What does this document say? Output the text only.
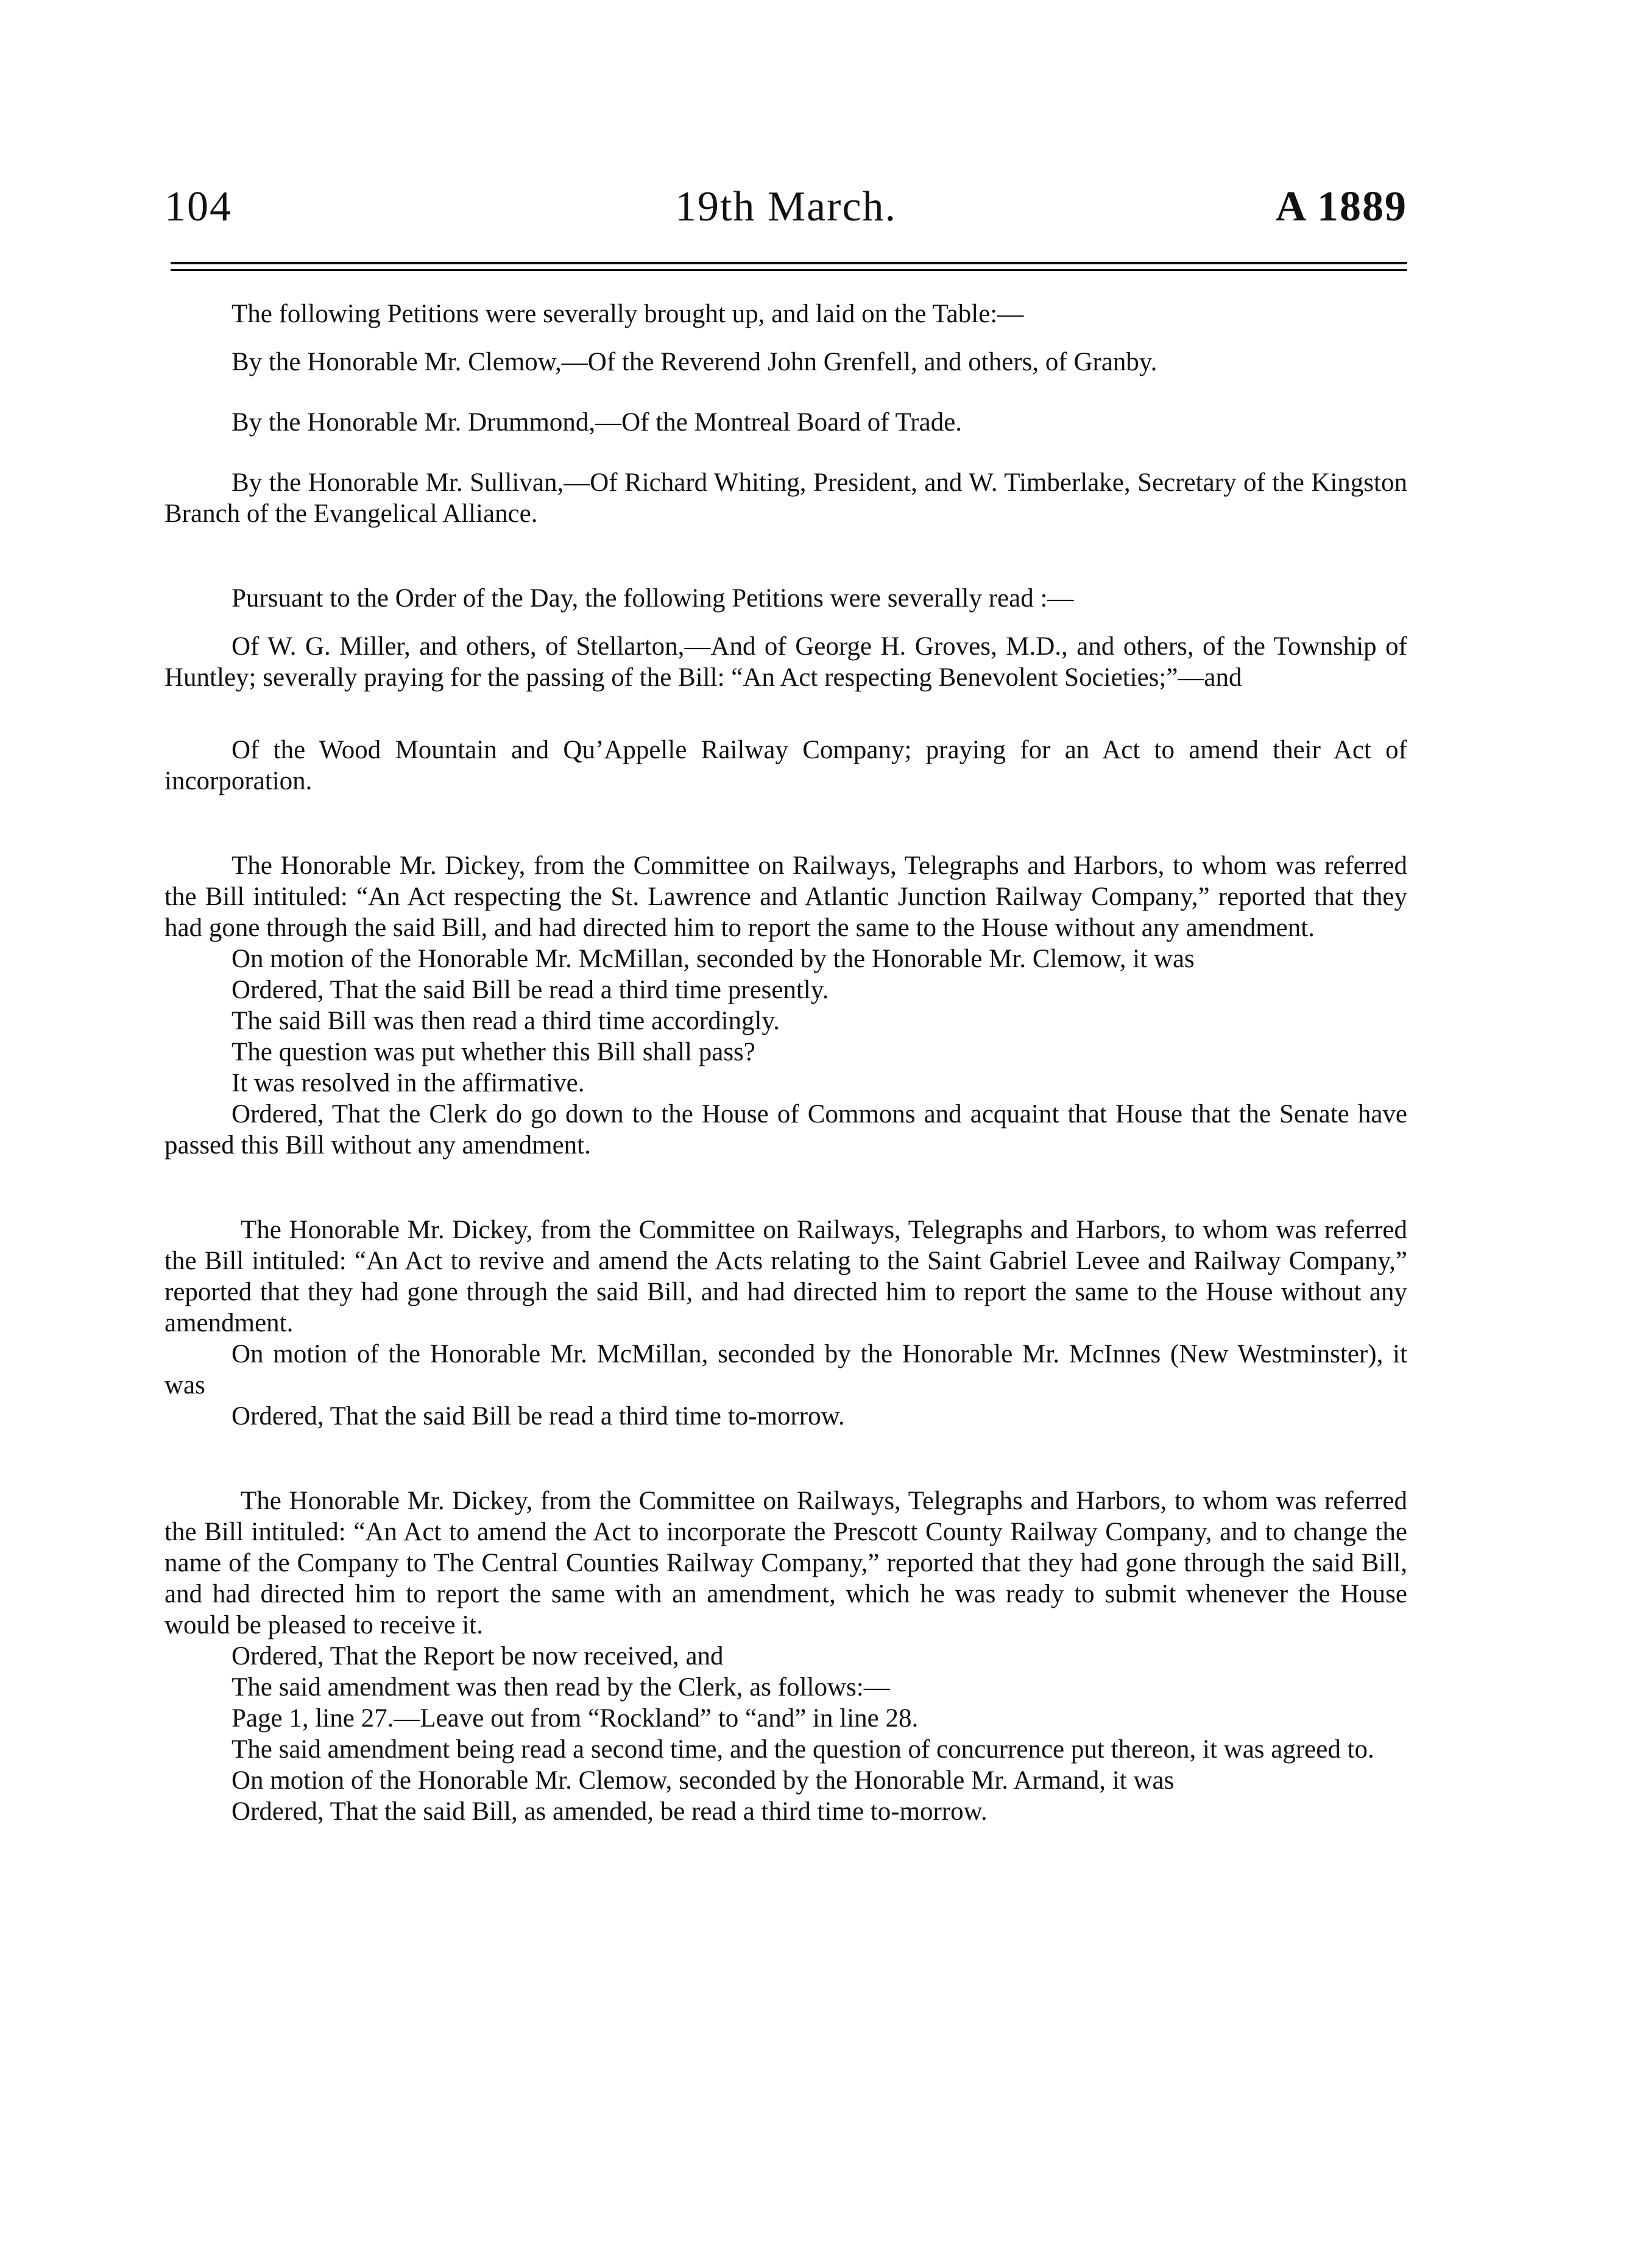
104	19th March.	A 1889

The following Petitions were severally brought up, and laid on the Table:—

By the Honorable Mr. Clemow,—Of the Reverend John Grenfell, and others, of Granby.

By the Honorable Mr. Drummond,—Of the Montreal Board of Trade.

By the Honorable Mr. Sullivan,—Of Richard Whiting, President, and W. Timberlake, Secretary of the Kingston Branch of the Evangelical Alliance.

Pursuant to the Order of the Day, the following Petitions were severally read :—

Of W. G. Miller, and others, of Stellarton,—And of George H. Groves, M.D., and others, of the Township of Huntley; severally praying for the passing of the Bill: “An Act respecting Benevolent Societies;”—and

Of the Wood Mountain and Qu’Appelle Railway Company; praying for an Act to amend their Act of incorporation.

The Honorable Mr. Dickey, from the Committee on Railways, Telegraphs and Harbors, to whom was referred the Bill intituled: “An Act respecting the St. Lawrence and Atlantic Junction Railway Company,” reported that they had gone through the said Bill, and had directed him to report the same to the House without any amendment.

On motion of the Honorable Mr. McMillan, seconded by the Honorable Mr. Clemow, it was

Ordered, That the said Bill be read a third time presently.

The said Bill was then read a third time accordingly.

The question was put whether this Bill shall pass?

It was resolved in the affirmative.

Ordered, That the Clerk do go down to the House of Commons and acquaint that House that the Senate have passed this Bill without any amendment.

The Honorable Mr. Dickey, from the Committee on Railways, Telegraphs and Harbors, to whom was referred the Bill intituled: “An Act to revive and amend the Acts relating to the Saint Gabriel Levee and Railway Company,” reported that they had gone through the said Bill, and had directed him to report the same to the House without any amendment.

On motion of the Honorable Mr. McMillan, seconded by the Honorable Mr. McInnes (New Westminster), it was

Ordered, That the said Bill be read a third time to-morrow.

The Honorable Mr. Dickey, from the Committee on Railways, Telegraphs and Harbors, to whom was referred the Bill intituled: “An Act to amend the Act to incorporate the Prescott County Railway Company, and to change the name of the Company to The Central Counties Railway Company,” reported that they had gone through the said Bill, and had directed him to report the same with an amendment, which he was ready to submit whenever the House would be pleased to receive it.

Ordered, That the Report be now received, and

The said amendment was then read by the Clerk, as follows:—

Page 1, line 27.—Leave out from “Rockland” to “and” in line 28.

The said amendment being read a second time, and the question of concurrence put thereon, it was agreed to.

On motion of the Honorable Mr. Clemow, seconded by the Honorable Mr. Armand, it was

Ordered, That the said Bill, as amended, be read a third time to-morrow.
